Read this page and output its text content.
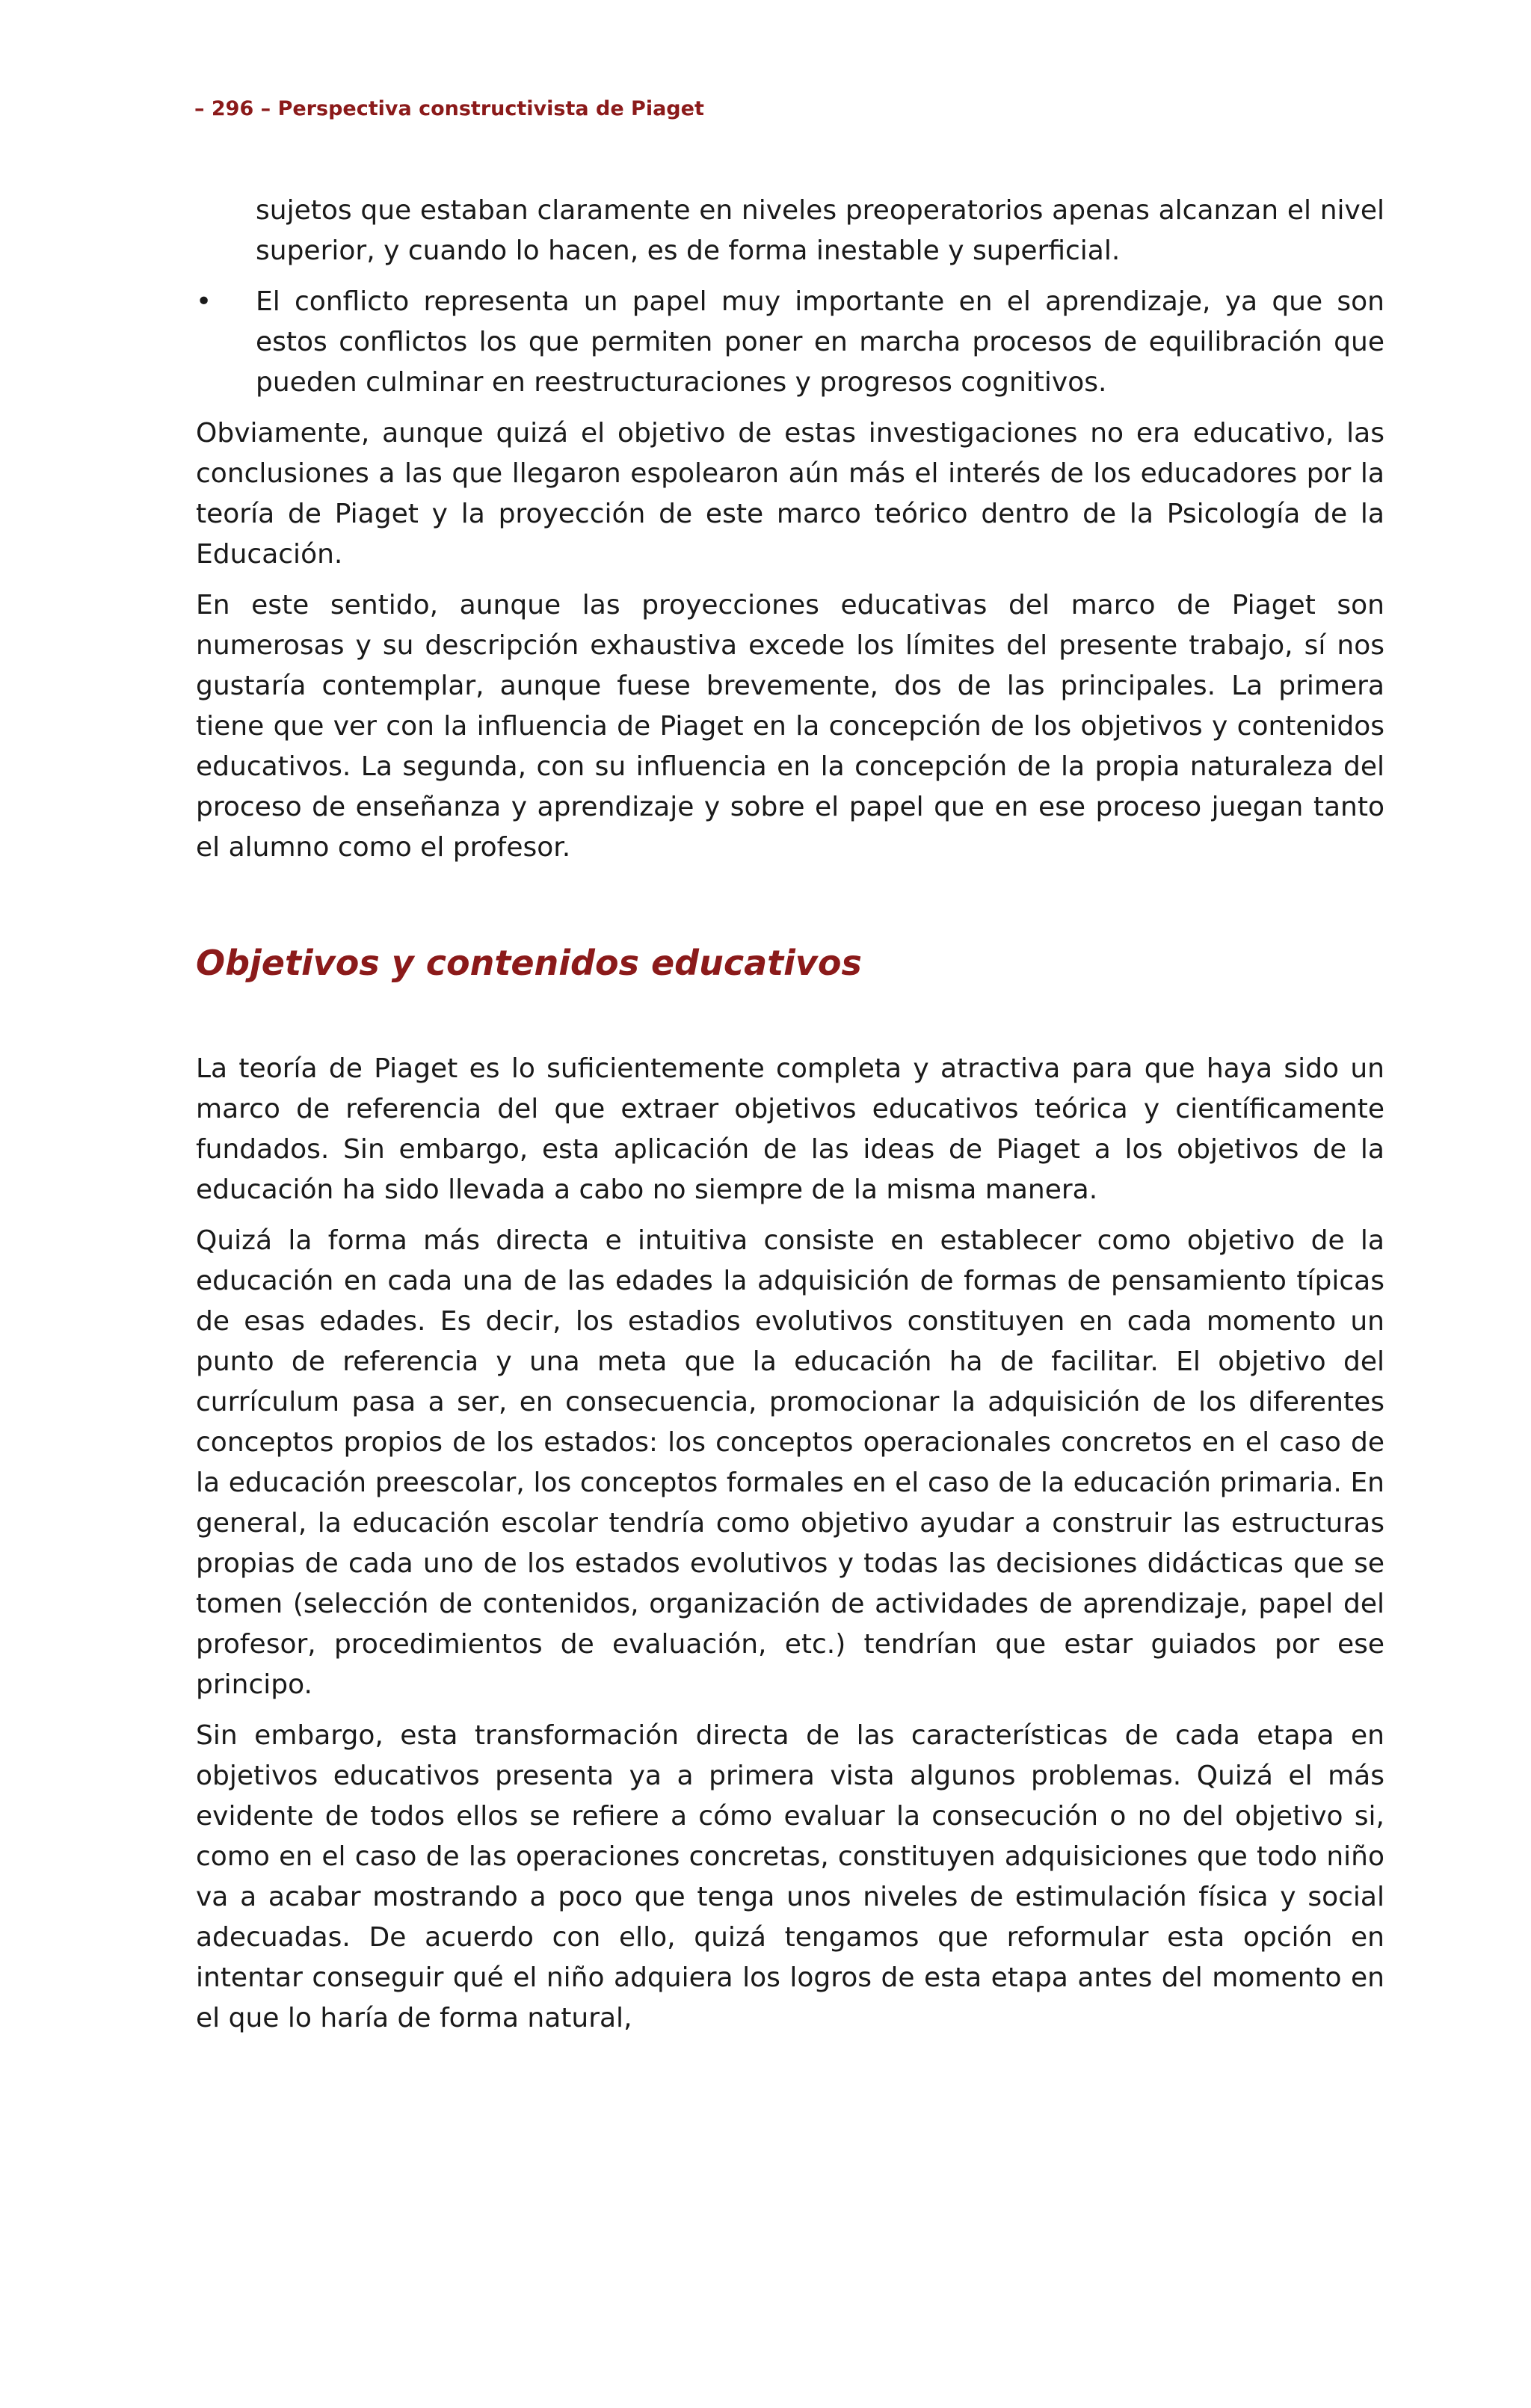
– 296 – Perspectiva constructivista de Piaget

sujetos que estaban claramente en niveles preoperatorios apenas alcanzan el nivel superior, y cuando lo hacen, es de forma inestable y superficial.

• El conflicto representa un papel muy importante en el aprendizaje, ya que son estos conflictos los que permiten poner en marcha procesos de equilibración que pueden culminar en reestructuraciones y progresos cognitivos.

Obviamente, aunque quizá el objetivo de estas investigaciones no era educativo, las conclusiones a las que llegaron espolearon aún más el interés de los educadores por la teoría de Piaget y la proyección de este marco teórico dentro de la Psicología de la Educación.

En este sentido, aunque las proyecciones educativas del marco de Piaget son numerosas y su descripción exhaustiva excede los límites del presente trabajo, sí nos gustaría contemplar, aunque fuese brevemente, dos de las principales. La primera tiene que ver con la influencia de Piaget en la concepción de los objetivos y contenidos educativos. La segunda, con su influencia en la concepción de la propia naturaleza del proceso de enseñanza y aprendizaje y sobre el papel que en ese proceso juegan tanto el alumno como el profesor.

Objetivos y contenidos educativos

La teoría de Piaget es lo suficientemente completa y atractiva para que haya sido un marco de referencia del que extraer objetivos educativos teórica y científicamente fundados. Sin embargo, esta aplicación de las ideas de Piaget a los objetivos de la educación ha sido llevada a cabo no siempre de la misma manera.

Quizá la forma más directa e intuitiva consiste en establecer como objetivo de la educación en cada una de las edades la adquisición de formas de pensamiento típicas de esas edades. Es decir, los estadios evolutivos constituyen en cada momento un punto de referencia y una meta que la educación ha de facilitar. El objetivo del currículum pasa a ser, en consecuencia, promocionar la adquisición de los diferentes conceptos propios de los estados: los conceptos operacionales concretos en el caso de la educación preescolar, los conceptos formales en el caso de la educación primaria. En general, la educación escolar tendría como objetivo ayudar a construir las estructuras propias de cada uno de los estados evolutivos y todas las decisiones didácticas que se tomen (selección de contenidos, organización de actividades de aprendizaje, papel del profesor, procedimientos de evaluación, etc.) tendrían que estar guiados por ese principo.

Sin embargo, esta transformación directa de las características de cada etapa en objetivos educativos presenta ya a primera vista algunos problemas. Quizá el más evidente de todos ellos se refiere a cómo evaluar la consecución o no del objetivo si, como en el caso de las operaciones concretas, constituyen adquisiciones que todo niño va a acabar mostrando a poco que tenga unos niveles de estimulación física y social adecuadas. De acuerdo con ello, quizá tengamos que reformular esta opción en intentar conseguir qué el niño adquiera los logros de esta etapa antes del momento en el que lo haría de forma natural,
